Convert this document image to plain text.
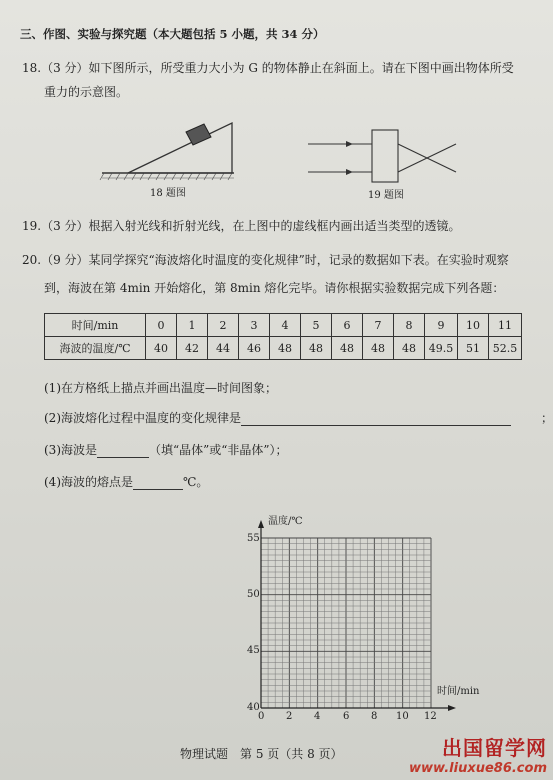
三、作图、实验与探究题（本大题包括 5 小题，共 34 分）
18.（3 分）如下图所示，所受重力大小为 G 的物体静止在斜面上。请在下图中画出物体所受
重力的示意图。
18 题图	19 题图
19.（3 分）根据入射光线和折射光线，在上图中的虚线框内画出适当类型的透镜。
20.（9 分）某同学探究“海波熔化时温度的变化规律”时，记录的数据如下表。在实验时观察
到，海波在第 4min 开始熔化，第 8min 熔化完毕。请你根据实验数据完成下列各题：
时间/min	0	1	2	3	4	5	6	7	8	9	10	11
海波的温度/℃	40	42	44	46	48	48	48	48	48	49.5	51	52.5
(1)在方格纸上描点并画出温度—时间图象；
(2)海波熔化过程中温度的变化规律是	；
(3)海波是	（填“晶体”或“非晶体”）；
(4)海波的熔点是	℃。
温度/℃
时间/min
55
50
45
40
0 2 4 6 8 10 12
物理试题　第 5 页（共 8 页）	出国留学网
www.liuxue86.com
